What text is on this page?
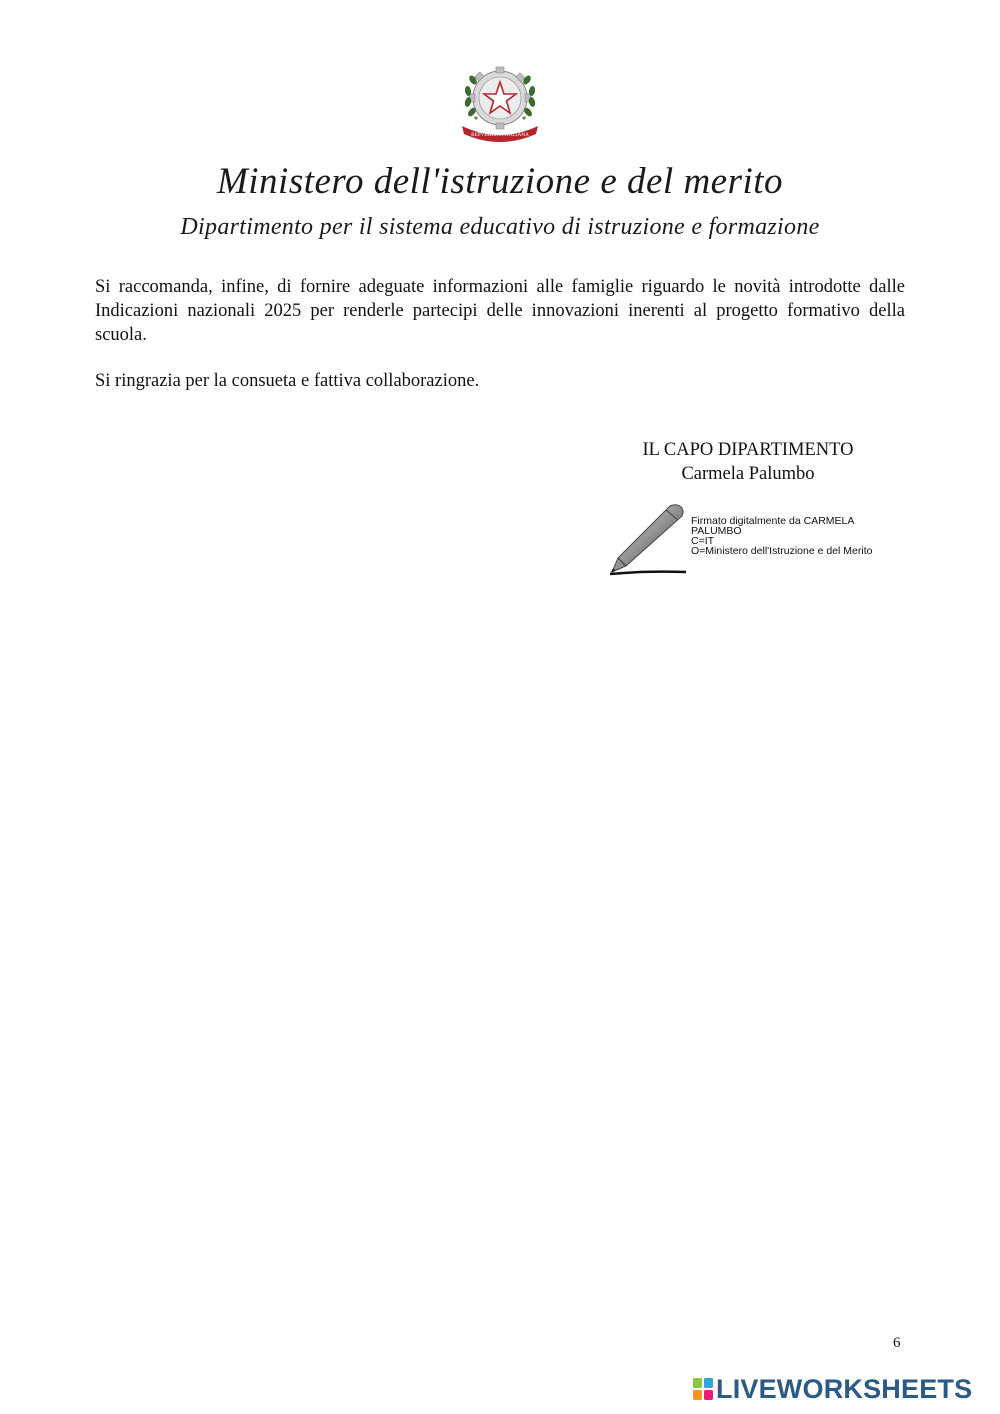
REPVBBLICA ITALIANA
Ministero dell'istruzione e del merito
Dipartimento per il sistema educativo di istruzione e formazione

Si raccomanda, infine, di fornire adeguate informazioni alle famiglie riguardo le novità introdotte dalle Indicazioni nazionali 2025 per renderle partecipi delle innovazioni inerenti al progetto formativo della scuola.

Si ringrazia per la consueta e fattiva collaborazione.

IL CAPO DIPARTIMENTO
Carmela Palumbo
Firmato digitalmente da CARMELA
PALUMBO
C=IT
O=Ministero dell'Istruzione e del Merito
6
LIVEWORKSHEETS
